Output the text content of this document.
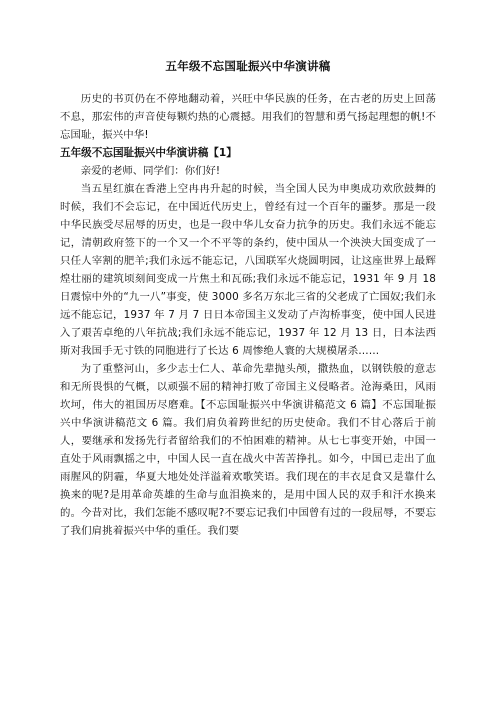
五年级不忘国耻振兴中华演讲稿

历史的书页仍在不停地翻动着，兴旺中华民族的任务，在古老的历史上回荡不息，那宏伟的声音使每颗灼热的心震撼。用我们的智慧和勇气扬起理想的帆!不忘国耻，振兴中华!

五年级不忘国耻振兴中华演讲稿【1】

亲爱的老师、同学们：你们好!

当五星红旗在香港上空冉冉升起的时候，当全国人民为申奥成功欢欣鼓舞的时候，我们不会忘记，在中国近代历史上，曾经有过一个百年的噩梦。那是一段中华民族受尽屈辱的历史，也是一段中华儿女奋力抗争的历史。我们永远不能忘记，清朝政府签下的一个又一个不平等的条约，使中国从一个泱泱大国变成了一只任人宰割的肥羊;我们永远不能忘记，八国联军火烧圆明园，让这座世界上最辉煌壮丽的建筑顷刻间变成一片焦土和瓦砾;我们永远不能忘记，1931 年 9 月 18 日震惊中外的“九一八”事变，使 3000 多名万东北三省的父老成了亡国奴;我们永远不能忘记，1937 年 7 月 7 日日本帝国主义发动了卢沟桥事变，使中国人民进入了艰苦卓绝的八年抗战;我们永远不能忘记，1937 年 12 月 13 日，日本法西斯对我国手无寸铁的同胞进行了长达 6 周惨绝人寰的大规模屠杀……

为了重整河山，多少志士仁人、革命先辈抛头颅，撒热血，以钢铁般的意志和无所畏惧的气概，以顽强不屈的精神打败了帝国主义侵略者。沧海桑田，风雨坎坷，伟大的祖国历尽磨难。【不忘国耻振兴中华演讲稿范文 6 篇】不忘国耻振兴中华演讲稿范文 6 篇。我们肩负着跨世纪的历史使命。我们不甘心落后于前人，要继承和发扬先行者留给我们的不怕困难的精神。从七七事变开始，中国一直处于风雨飘摇之中，中国人民一直在战火中苦苦挣扎。如今，中国已走出了血雨腥风的阴霾，华夏大地处处洋溢着欢歌笑语。我们现在的丰衣足食又是靠什么换来的呢?是用革命英雄的生命与血泪换来的，是用中国人民的双手和汗水换来的。今昔对比，我们怎能不感叹呢?不要忘记我们中国曾有过的一段屈辱，不要忘了我们肩挑着振兴中华的重任。我们要
